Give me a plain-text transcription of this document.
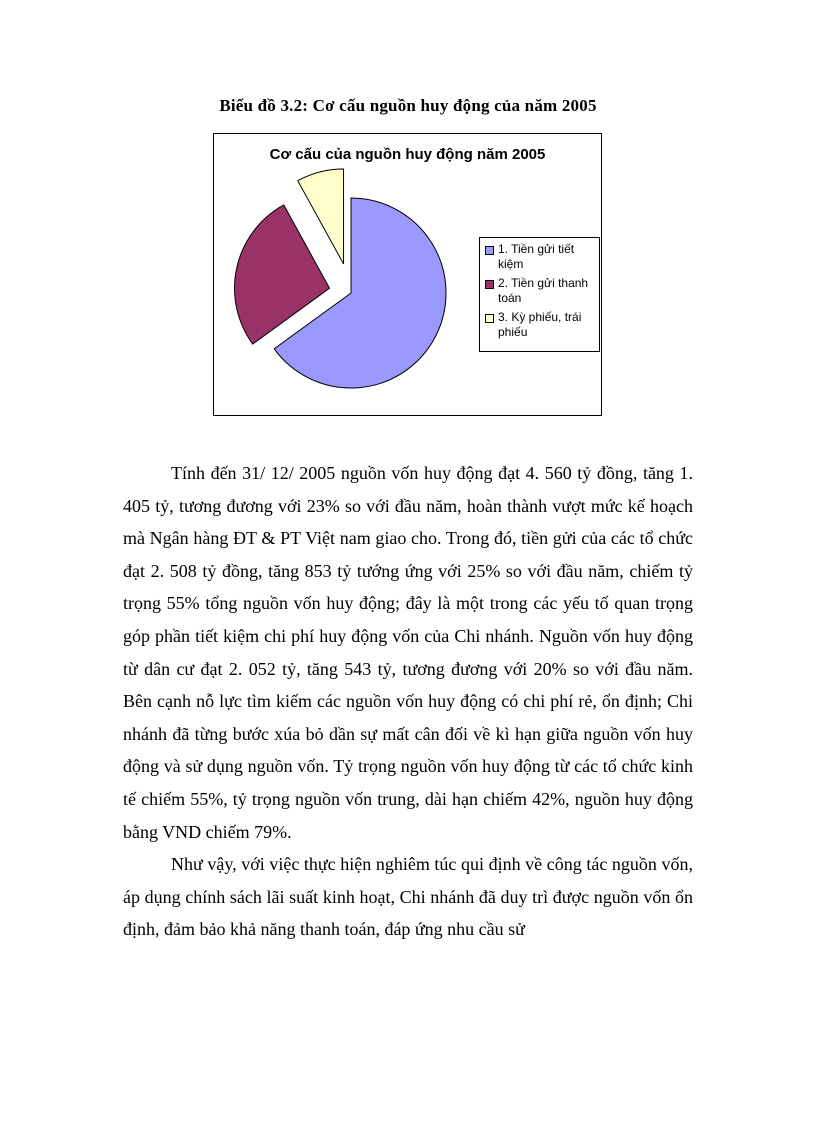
Biểu đồ 3.2: Cơ cấu nguồn huy động của năm 2005
Cơ cấu của nguồn huy động năm 2005
1. Tiền gửi tiết kiệm
2. Tiền gửi thanh toán
3. Kỳ phiếu, trái phiếu

Tính đến 31/ 12/ 2005 nguồn vốn huy động đạt 4. 560 tỷ đồng, tăng 1. 405 tỷ, tương đương với 23% so với đầu năm, hoàn thành vượt mức kế hoạch mà Ngân hàng ĐT & PT Việt nam giao cho. Trong đó, tiền gửi của các tổ chức đạt 2. 508 tỷ đồng, tăng 853 tỷ tướng ứng với 25% so với đầu năm, chiếm tỷ trọng 55% tổng nguồn vốn huy động; đây là một trong các yếu tố quan trọng góp phần tiết kiệm chi phí huy động vốn của Chi nhánh. Nguồn vốn huy động từ dân cư đạt 2. 052 tỷ, tăng 543 tỷ, tương đương với 20% so với đầu năm. Bên cạnh nỗ lực tìm kiếm các nguồn vốn huy động có chi phí rẻ, ổn định; Chi nhánh đã từng bước xúa bỏ dần sự mất cân đối về kì hạn giữa nguồn vốn huy động và sử dụng nguồn vốn. Tỷ trọng nguồn vốn huy động từ các tổ chức kinh tế chiếm 55%, tỷ trọng nguồn vốn trung, dài hạn chiếm 42%, nguồn huy động bằng VND chiếm 79%.

Như vậy, với việc thực hiện nghiêm túc qui định về công tác nguồn vốn, áp dụng chính sách lãi suất kinh hoạt, Chi nhánh đã duy trì được nguồn vốn ổn định, đảm bảo khả năng thanh toán, đáp ứng nhu cầu sử
